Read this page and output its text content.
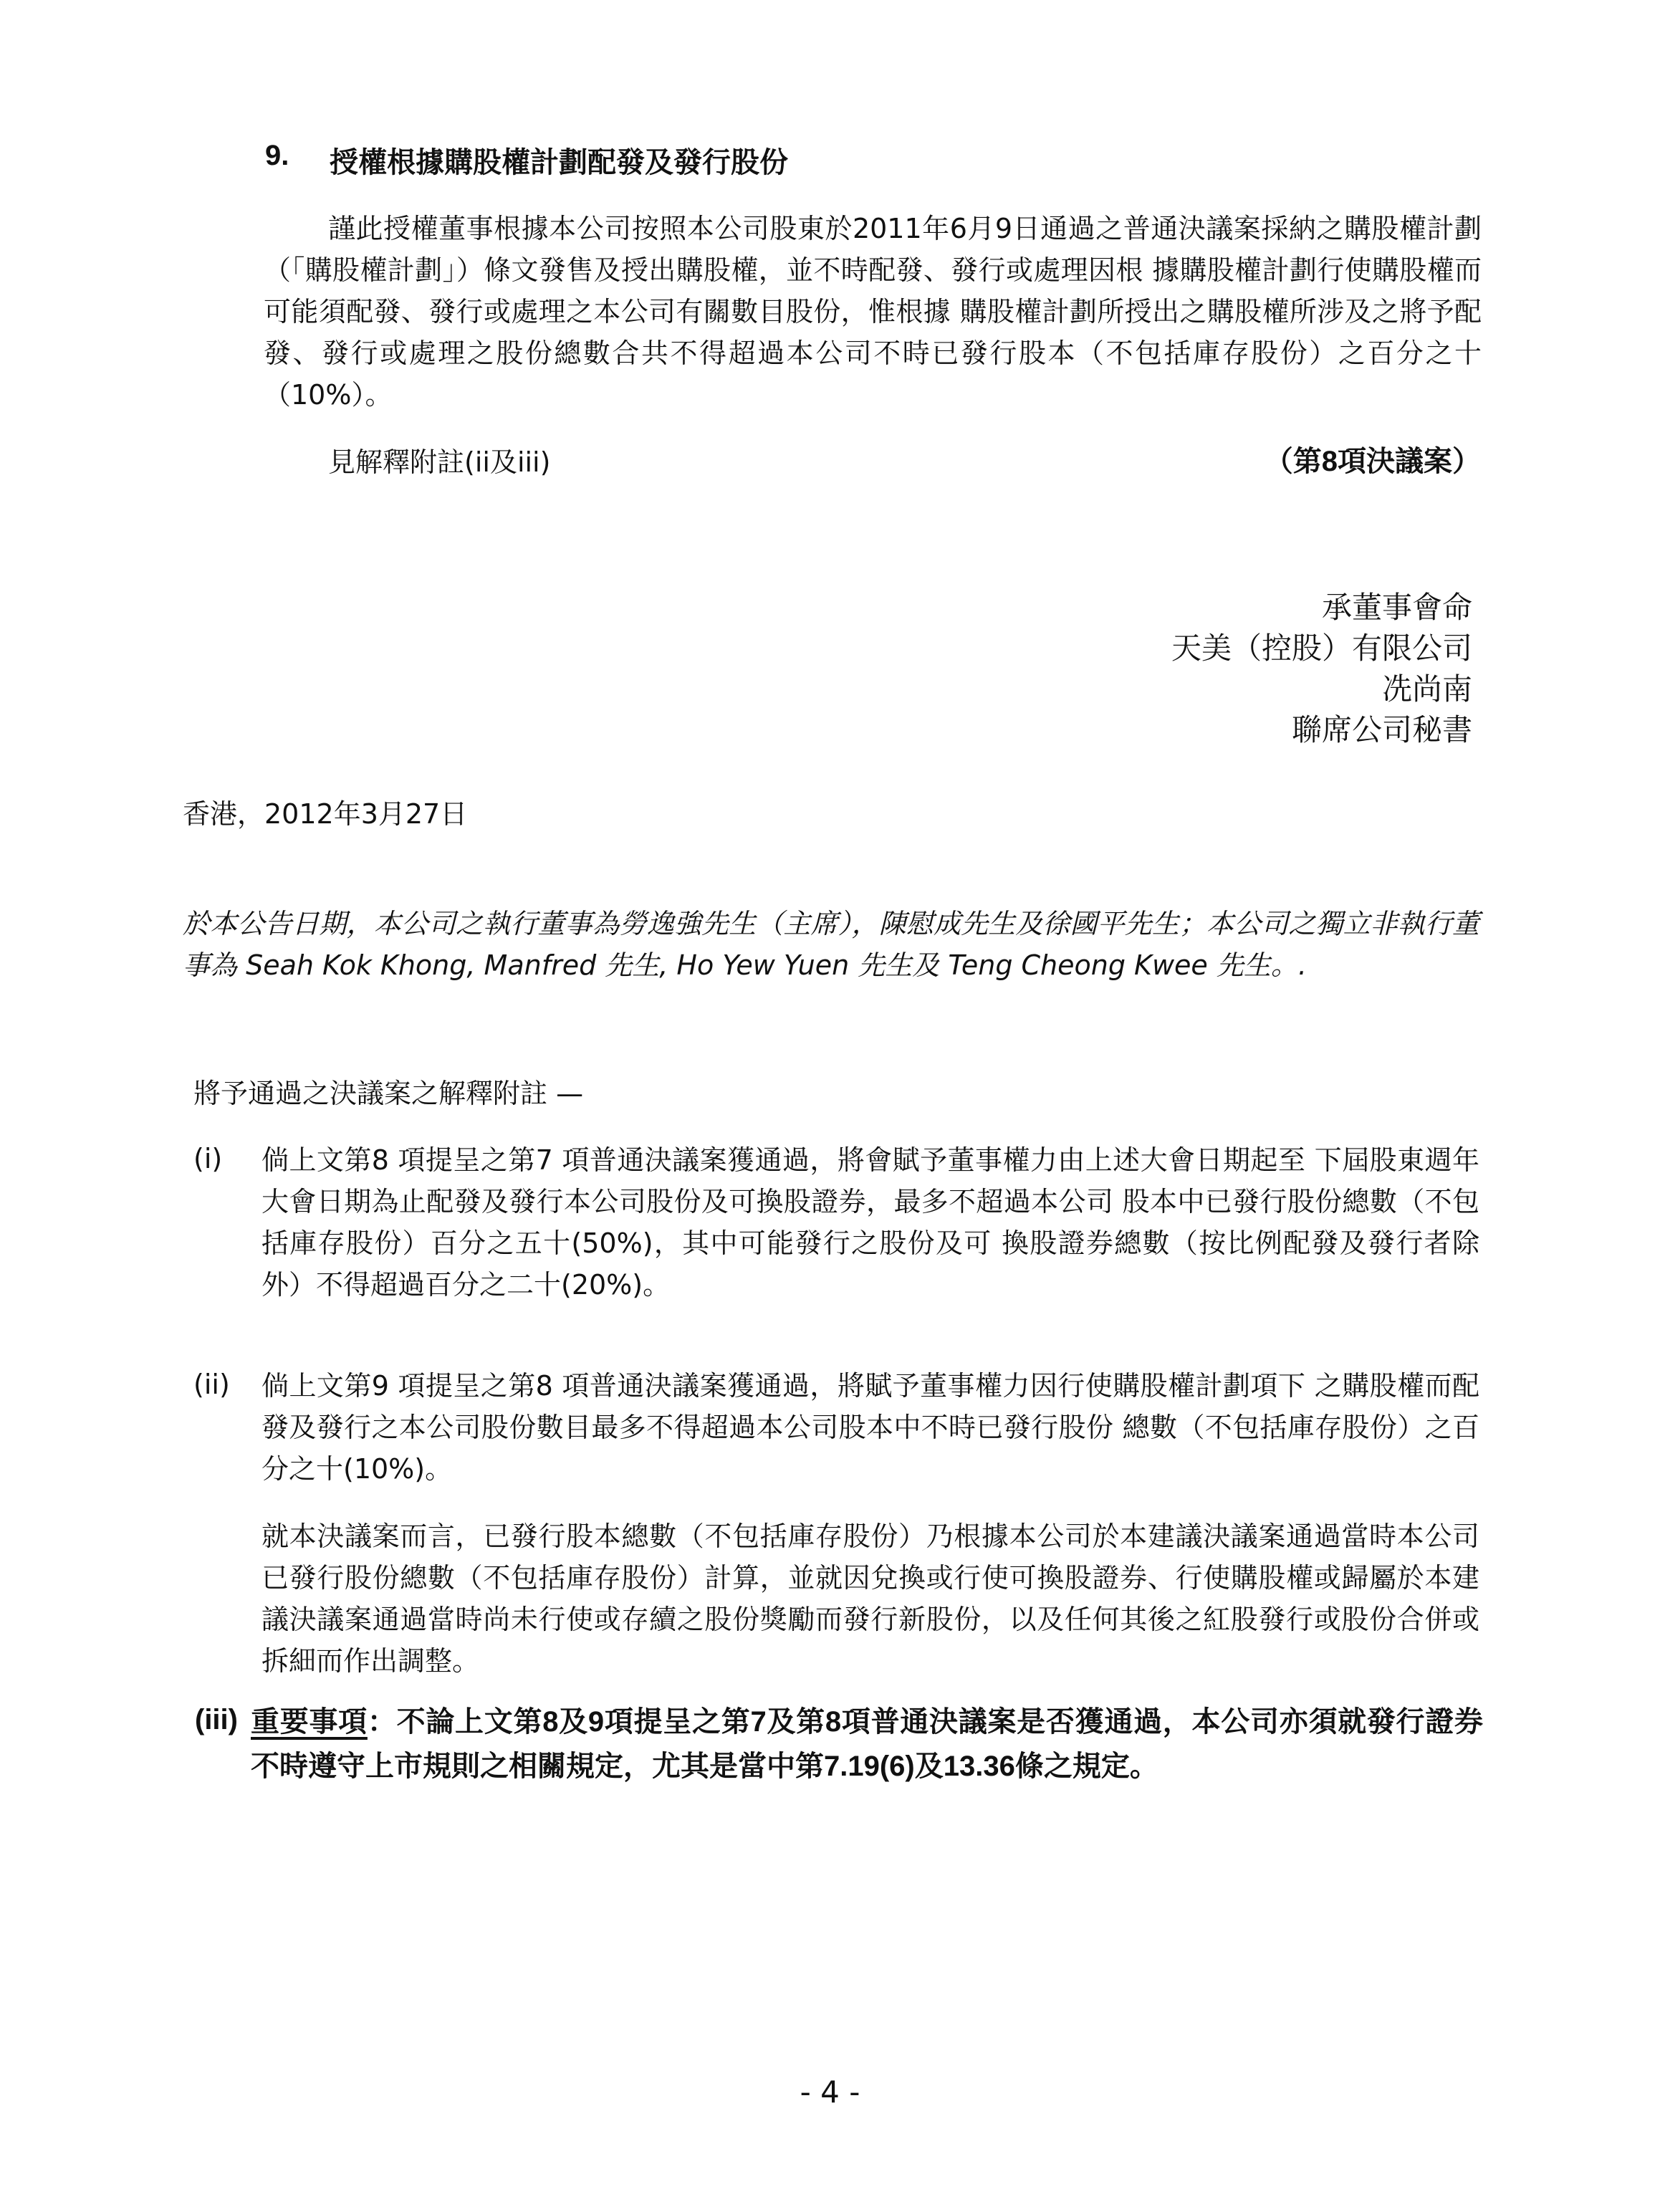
9. 授權根據購股權計劃配發及發行股份
謹此授權董事根據本公司按照本公司股東於2011年6月9日通過之普通決議案採納之購股權計劃（「購股權計劃」）條文發售及授出購股權，並不時配發、發行或處理因根 據購股權計劃行使購股權而可能須配發、發行或處理之本公司有關數目股份，惟根據 購股權計劃所授出之購股權所涉及之將予配發、發行或處理之股份總數合共不得超過本公司不時已發行股本（不包括庫存股份）之百分之十（10%）。
見解釋附註(ii及iii)	（第8項決議案）
承董事會命
天美（控股）有限公司
冼尚南
聯席公司秘書
香港，2012年3月27日
於本公告日期，本公司之執行董事為勞逸強先生（主席），陳慰成先生及徐國平先生；本公司之獨立非執行董事為 Seah Kok Khong, Manfred 先生, Ho Yew Yuen 先生及 Teng Cheong Kwee 先生。.
將予通過之決議案之解釋附註 —
(i) 倘上文第8 項提呈之第7 項普通決議案獲通過，將會賦予董事權力由上述大會日期起至 下屆股東週年大會日期為止配發及發行本公司股份及可換股證券，最多不超過本公司 股本中已發行股份總數（不包括庫存股份）百分之五十(50%)，其中可能發行之股份及可 換股證券總數（按比例配發及發行者除外）不得超過百分之二十(20%)。
(ii) 倘上文第9 項提呈之第8 項普通決議案獲通過，將賦予董事權力因行使購股權計劃項下 之購股權而配發及發行之本公司股份數目最多不得超過本公司股本中不時已發行股份 總數（不包括庫存股份）之百分之十(10%)。
就本決議案而言，已發行股本總數（不包括庫存股份）乃根據本公司於本建議決議案通過當時本公司已發行股份總數（不包括庫存股份）計算，並就因兌換或行使可換股證券、行使購股權或歸屬於本建議決議案通過當時尚未行使或存續之股份獎勵而發行新股份，以及任何其後之紅股發行或股份合併或拆細而作出調整。
(iii) 重要事項：不論上文第8及9項提呈之第7及第8項普通決議案是否獲通過，本公司亦須就發行證券不時遵守上市規則之相關規定，尤其是當中第7.19(6)及13.36條之規定。
- 4 -
